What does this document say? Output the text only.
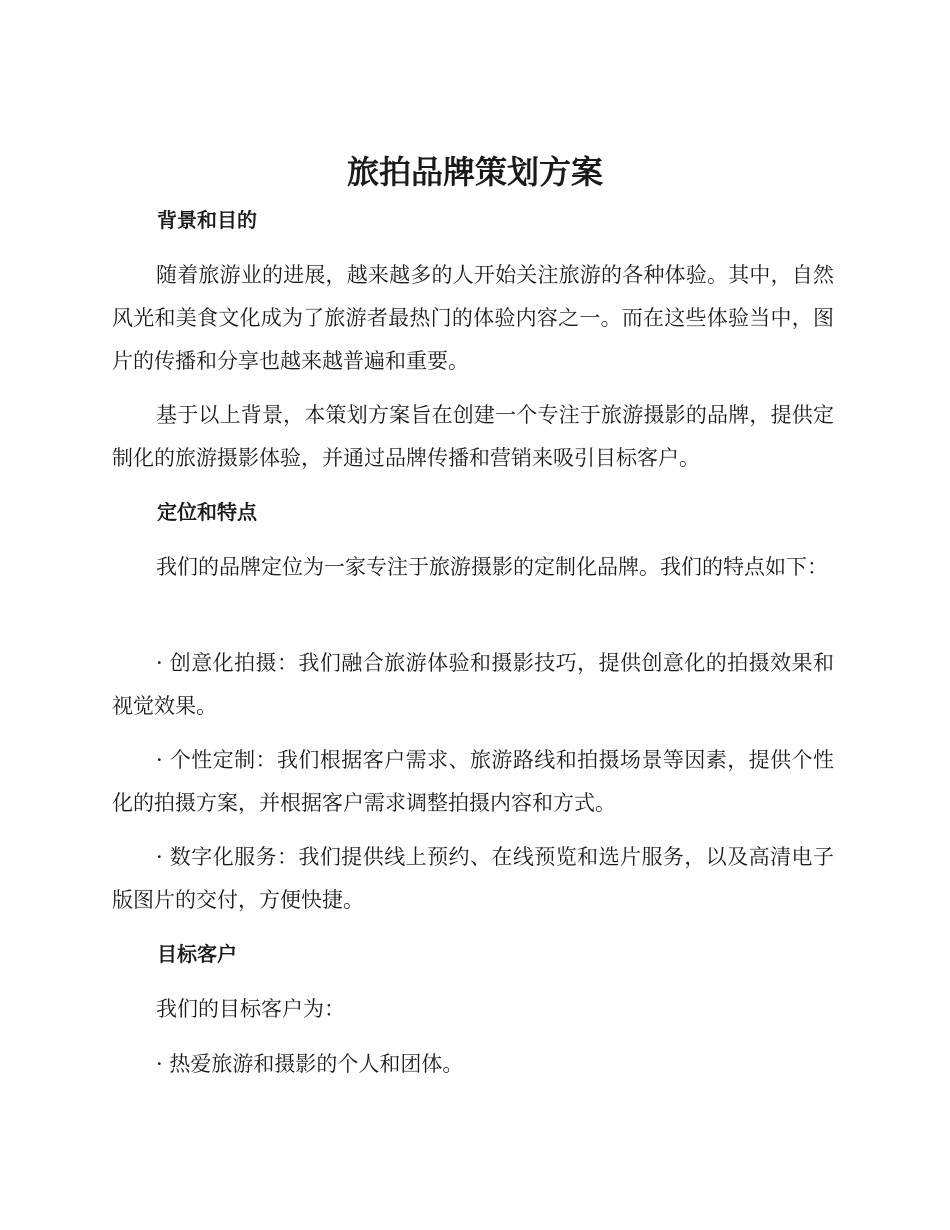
旅拍品牌策划方案
背景和目的

随着旅游业的进展，越来越多的人开始关注旅游的各种体验。其中，自然风光和美食文化成为了旅游者最热门的体验内容之一。而在这些体验当中，图片的传播和分享也越来越普遍和重要。

基于以上背景，本策划方案旨在创建一个专注于旅游摄影的品牌，提供定制化的旅游摄影体验，并通过品牌传播和营销来吸引目标客户。

定位和特点

我们的品牌定位为一家专注于旅游摄影的定制化品牌。我们的特点如下：

· 创意化拍摄：我们融合旅游体验和摄影技巧，提供创意化的拍摄效果和视觉效果。

· 个性定制：我们根据客户需求、旅游路线和拍摄场景等因素，提供个性化的拍摄方案，并根据客户需求调整拍摄内容和方式。

· 数字化服务：我们提供线上预约、在线预览和选片服务，以及高清电子版图片的交付，方便快捷。

目标客户

我们的目标客户为：

· 热爱旅游和摄影的个人和团体。
